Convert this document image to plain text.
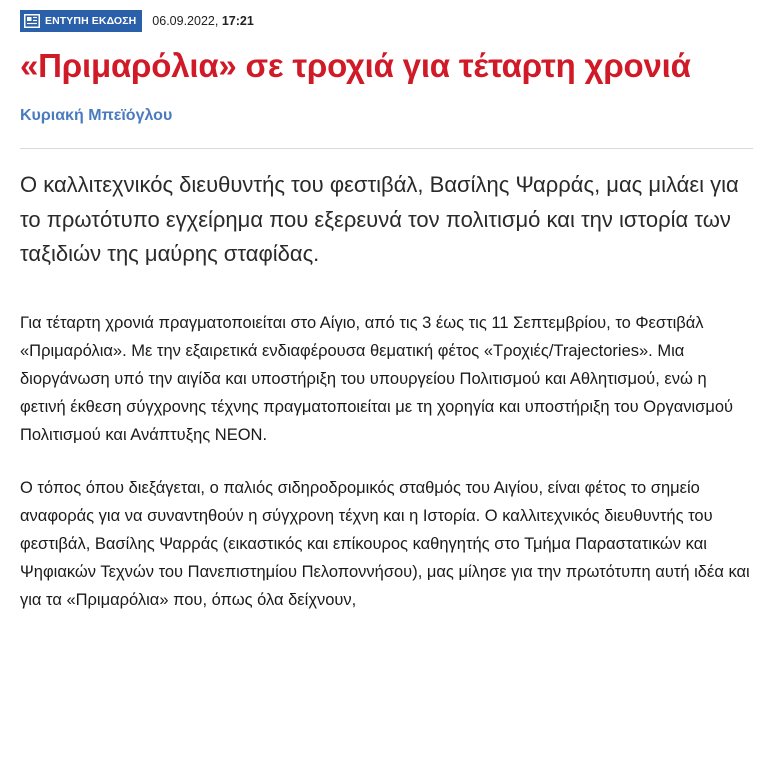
ΕΝΤΥΠΗ ΕΚΔΟΣΗ 06.09.2022, 17:21
«Πριμαρόλια» σε τροχιά για τέταρτη χρονιά
Κυριακή Μπεϊόγλου
Ο καλλιτεχνικός διευθυντής του φεστιβάλ, Βασίλης Ψαρράς, μας μιλάει για το πρωτότυπο εγχείρημα που εξερευνά τον πολιτισμό και την ιστορία των ταξιδιών της μαύρης σταφίδας.

Για τέταρτη χρονιά πραγματοποιείται στο Αίγιο, από τις 3 έως τις 11 Σεπτεμβρίου, το Φεστιβάλ «Πριμαρόλια». Με την εξαιρετικά ενδιαφέρουσα θεματική φέτος «Τροχιές/Trajectories». Μια διοργάνωση υπό την αιγίδα και υποστήριξη του υπουργείου Πολιτισμού και Αθλητισμού, ενώ η φετινή έκθεση σύγχρονης τέχνης πραγματοποιείται με τη χορηγία και υποστήριξη του Οργανισμού Πολιτισμού και Ανάπτυξης ΝΕΟΝ.

Ο τόπος όπου διεξάγεται, ο παλιός σιδηροδρομικός σταθμός του Αιγίου, είναι φέτος το σημείο αναφοράς για να συναντηθούν η σύγχρονη τέχνη και η Ιστορία. Ο καλλιτεχνικός διευθυντής του φεστιβάλ, Βασίλης Ψαρράς (εικαστικός και επίκουρος καθηγητής στο Τμήμα Παραστατικών και Ψηφιακών Τεχνών του Πανεπιστημίου Πελοποννήσου), μας μίλησε για την πρωτότυπη αυτή ιδέα και για τα «Πριμαρόλια» που, όπως όλα δείχνουν,
